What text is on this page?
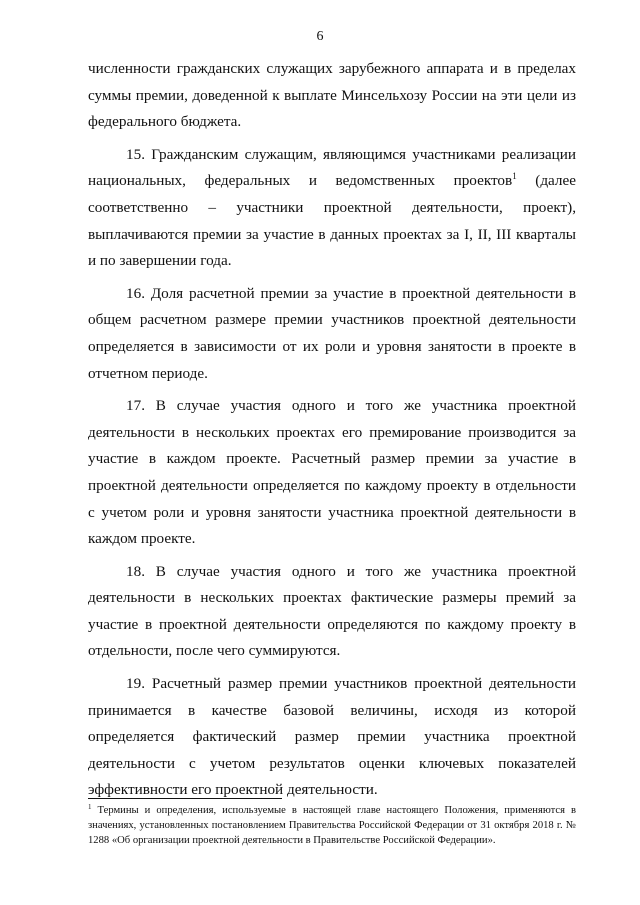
6

численности гражданских служащих зарубежного аппарата и в пределах суммы премии, доведенной к выплате Минсельхозу России на эти цели из федерального бюджета.

15. Гражданским служащим, являющимся участниками реализации национальных, федеральных и ведомственных проектов$^1$ (далее соответственно – участники проектной деятельности, проект), выплачиваются премии за участие в данных проектах за I, II, III кварталы и по завершении года.

16. Доля расчетной премии за участие в проектной деятельности в общем расчетном размере премии участников проектной деятельности определяется в зависимости от их роли и уровня занятости в проекте в отчетном периоде.

17. В случае участия одного и того же участника проектной деятельности в нескольких проектах его премирование производится за участие в каждом проекте. Расчетный размер премии за участие в проектной деятельности определяется по каждому проекту в отдельности с учетом роли и уровня занятости участника проектной деятельности в каждом проекте.

18. В случае участия одного и того же участника проектной деятельности в нескольких проектах фактические размеры премий за участие в проектной деятельности определяются по каждому проекту в отдельности, после чего суммируются.

19. Расчетный размер премии участников проектной деятельности принимается в качестве базовой величины, исходя из которой определяется фактический размер премии участника проектной деятельности с учетом результатов оценки ключевых показателей эффективности его проектной деятельности.

$^1$ Термины и определения, используемые в настоящей главе настоящего Положения, применяются в значениях, установленных постановлением Правительства Российской Федерации от 31 октября 2018 г. № 1288 «Об организации проектной деятельности в Правительстве Российской Федерации».
